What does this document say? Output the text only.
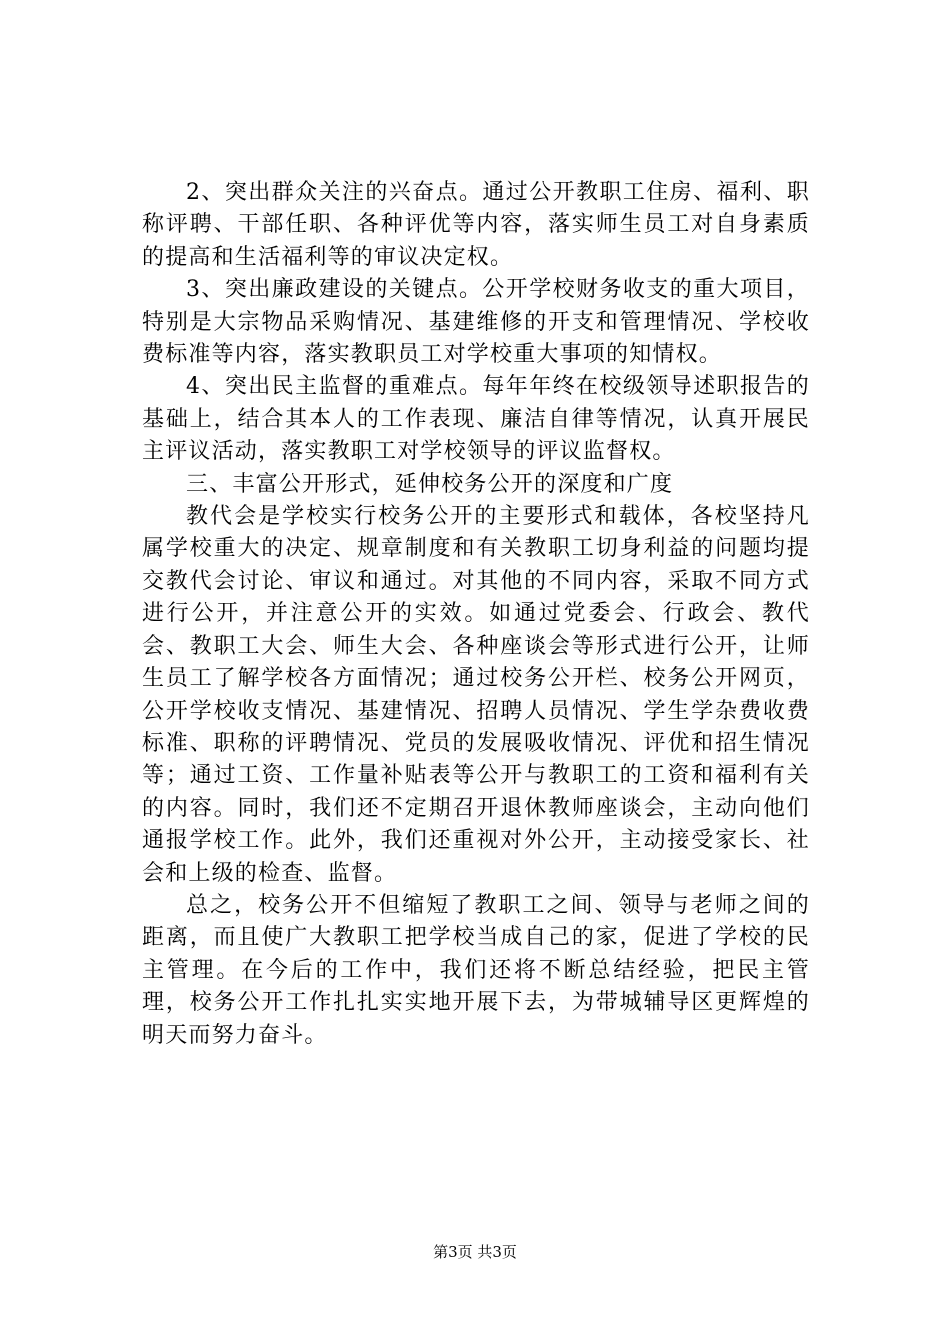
2、突出群众关注的兴奋点。通过公开教职工住房、福利、职称评聘、干部任职、各种评优等内容，落实师生员工对自身素质的提高和生活福利等的审议决定权。

3、突出廉政建设的关键点。公开学校财务收支的重大项目，特别是大宗物品采购情况、基建维修的开支和管理情况、学校收费标准等内容，落实教职员工对学校重大事项的知情权。

4、突出民主监督的重难点。每年年终在校级领导述职报告的基础上，结合其本人的工作表现、廉洁自律等情况，认真开展民主评议活动，落实教职工对学校领导的评议监督权。

三、丰富公开形式，延伸校务公开的深度和广度

教代会是学校实行校务公开的主要形式和载体，各校坚持凡属学校重大的决定、规章制度和有关教职工切身利益的问题均提交教代会讨论、审议和通过。对其他的不同内容，采取不同方式进行公开，并注意公开的实效。如通过党委会、行政会、教代会、教职工大会、师生大会、各种座谈会等形式进行公开，让师生员工了解学校各方面情况；通过校务公开栏、校务公开网页，公开学校收支情况、基建情况、招聘人员情况、学生学杂费收费标准、职称的评聘情况、党员的发展吸收情况、评优和招生情况等；通过工资、工作量补贴表等公开与教职工的工资和福利有关的内容。同时，我们还不定期召开退休教师座谈会，主动向他们通报学校工作。此外，我们还重视对外公开，主动接受家长、社会和上级的检查、监督。

总之，校务公开不但缩短了教职工之间、领导与老师之间的距离，而且使广大教职工把学校当成自己的家，促进了学校的民主管理。在今后的工作中，我们还将不断总结经验，把民主管理，校务公开工作扎扎实实地开展下去，为带城辅导区更辉煌的明天而努力奋斗。

第3页 共3页
